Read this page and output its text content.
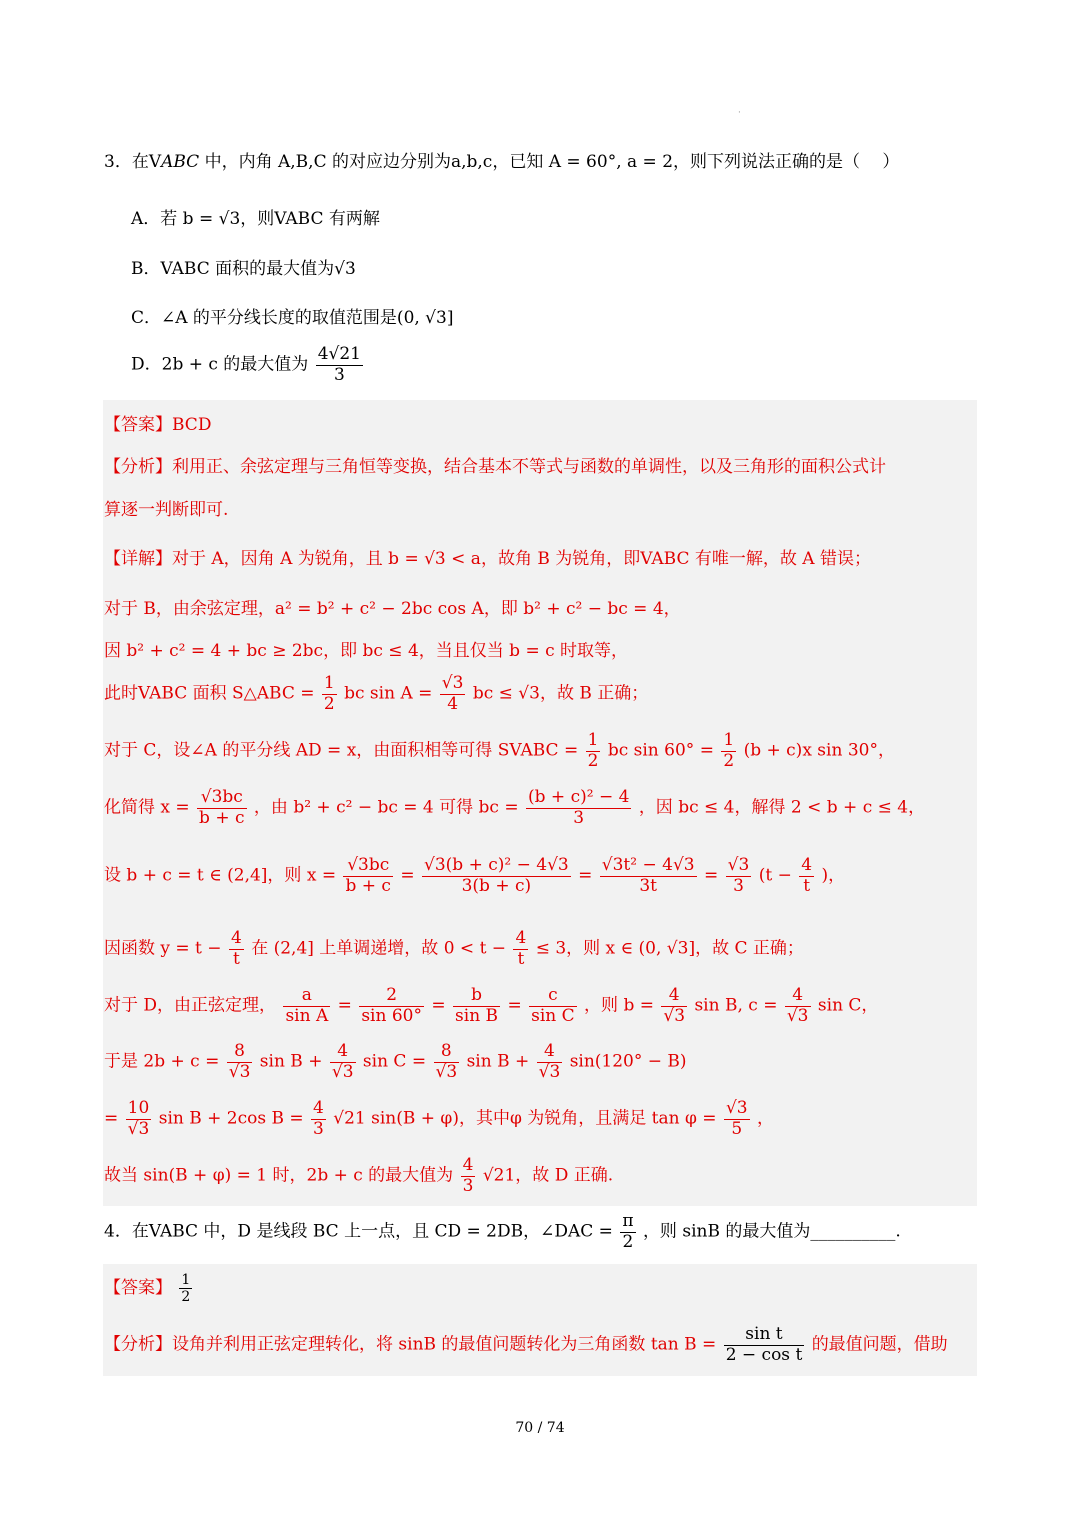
·
3．在VABC 中，内角 A,B,C 的对应边分别为a,b,c，已知 A = 60°, a = 2，则下列说法正确的是（　 ）
A．若 b = √3，则VABC 有两解
B．VABC 面积的最大值为√3
C．∠A 的平分线长度的取值范围是(0, √3]
D．2b + c 的最大值为 $\frac{4√21}{3}$
【答案】BCD
【分析】利用正、余弦定理与三角恒等变换，结合基本不等式与函数的单调性，以及三角形的面积公式计
算逐一判断即可.
【详解】对于 A，因角 A 为锐角，且 b = √3 < a，故角 B 为锐角，即VABC 有唯一解，故 A 错误；
对于 B，由余弦定理，a² = b² + c² − 2bc cos A，即 b² + c² − bc = 4，
因 b² + c² = 4 + bc ≥ 2bc，即 bc ≤ 4，当且仅当 b = c 时取等，
此时VABC 面积 S△ABC = $\frac{1}{2}$ bc $\sin A = \frac{√3}{4}$ bc ≤ √3，故 B 正确；
对于 C，设∠A 的平分线 AD = x，由面积相等可得 SVABC = $\frac{1}{2}$ bc $\sin 60^\circ = \frac{1}{2} (b + c)x$ sin 30°，
化简得 $x = \frac{√3bc}{b + c}$ ，由 b² + c² − bc = 4 可得 bc = $\frac{\text{(b + c)² − 4}}{3}$ ，因 bc ≤ 4，解得 2 < b + c ≤ 4，
设 b + c = t ∈ (2,4]，则 $x = \frac{√3bc}{b + c} = \frac{\text{√3(b + c)² − 4√3}}{3(b + c)} = \frac{\text{√3t² − 4√3}}{3t} = \frac{√3}{3} (t - \frac{4}{t}$ )，
因函数 $y = t - \frac{4}{t}$ 在 (2,4] 上单调递增，故 $0 < t - \frac{4}{t} \le 3$，则 x ∈ (0, √3]，故 C 正确；
对于 D，由正弦定理， $\frac{a}{\text{sin A}} = \frac{2}{\sin 60^\circ} = \frac{b}{\text{sin B}} = \frac{c}{\text{sin C}}$ ，则 $b = \frac{4}{√3}$ sin B, $c = \frac{4}{√3}$ sin C，
于是 $2b + c = \frac{8}{√3}$ $\sin B + \frac{4}{√3}$ $\sin C = \frac{8}{√3}$ $\sin B + \frac{4}{√3} \sin(120^\circ - B)$
= $\frac{10}{√3}$ sin B + 2cos $B = \frac{4}{3} √21$ sin(B + φ)，其中φ 为锐角，且满足 $\tan \varphi = \frac{√3}{5}$ ，
故当 sin(B + φ) = 1 时，2b + c 的最大值为 $\frac{4}{3} √21$，故 D 正确.
4．在VABC 中，D 是线段 BC 上一点，且 CD = 2DB，∠DAC = $\frac{\pi}{2}$ ，则 sinB 的最大值为__________.
【答案】 $\frac{1}{2}$
【分析】设角并利用正弦定理转化，将 sinB 的最值问题转化为三角函数 $\tan B = \frac{\text{sin t}}{\text{2 − cos t}}$ 的最值问题，借助
70 / 74
